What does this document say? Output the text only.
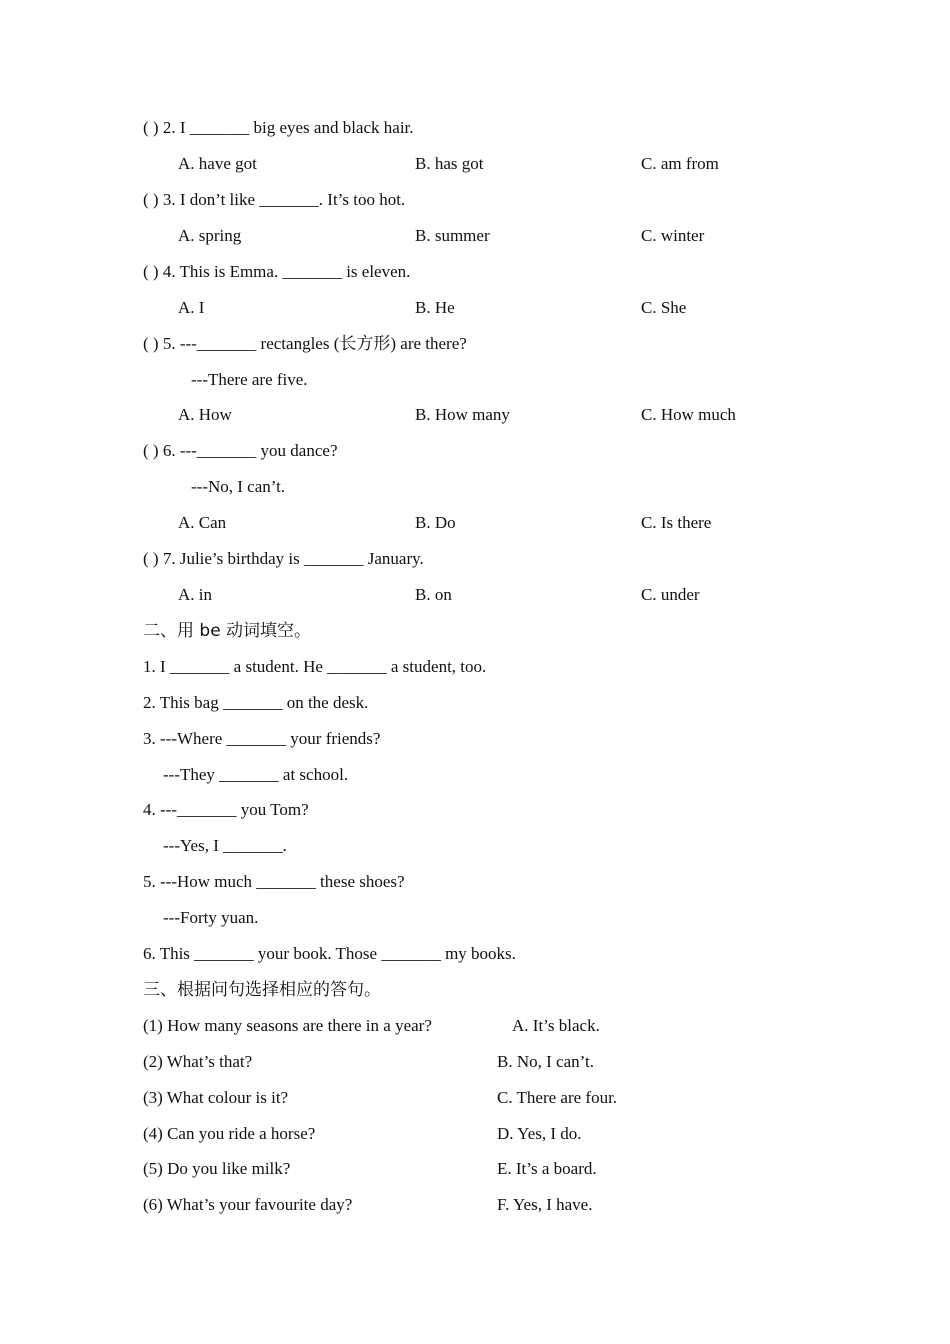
( ) 2. I _______ big eyes and black hair.
A. have got	B. has got	C. am from
( ) 3. I don’t like _______. It’s too hot.
A. spring	B. summer	C. winter
( ) 4. This is Emma. _______ is eleven.
A. I	B. He	C. She
( ) 5. ---_______ rectangles (长方形) are there?
---There are five.
A. How	B. How many	C. How much
( ) 6. ---_______ you dance?
---No, I can’t.
A. Can	B. Do	C. Is there
( ) 7. Julie’s birthday is _______ January.
A. in	B. on	C. under
二、用 be 动词填空。
1. I _______ a student. He _______ a student, too.
2. This bag _______ on the desk.
3. ---Where _______ your friends?
---They _______ at school.
4. ---_______ you Tom?
---Yes, I _______.
5. ---How much _______ these shoes?
---Forty yuan.
6. This _______ your book. Those _______ my books.
三、根据问句选择相应的答句。
(1) How many seasons are there in a year?	A. It’s black.
(2) What’s that?	B. No, I can’t.
(3) What colour is it?	C. There are four.
(4) Can you ride a horse?	D. Yes, I do.
(5) Do you like milk?	E. It’s a board.
(6) What’s your favourite day?	F. Yes, I have.
